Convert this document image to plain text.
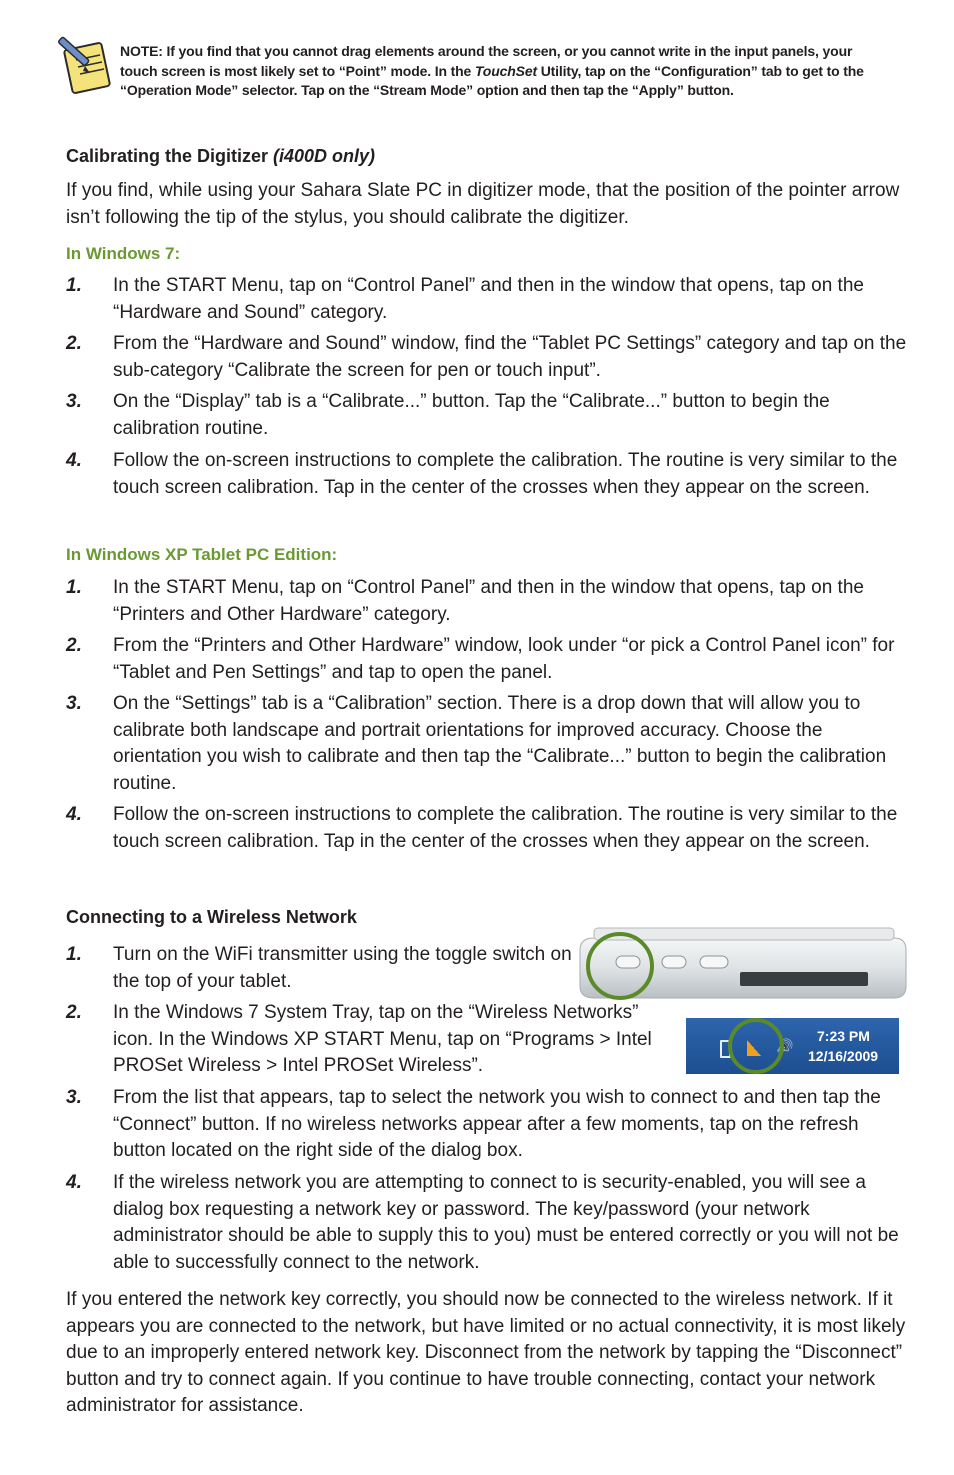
NOTE: If you find that you cannot drag elements around the screen, or you cannot write in the input panels, your touch screen is most likely set to “Point” mode. In the TouchSet Utility, tap on the “Configuration” tab to get to the “Operation Mode” selector. Tap on the “Stream Mode” option and then tap the “Apply” button.
Calibrating the Digitizer (i400D only)
If you find, while using your Sahara Slate PC in digitizer mode, that the position of the pointer arrow isn’t following the tip of the stylus, you should calibrate the digitizer.
In Windows 7:
1. In the START Menu, tap on “Control Panel” and then in the window that opens, tap on the “Hardware and Sound” category.
2. From the “Hardware and Sound” window, find the “Tablet PC Settings” category and tap on the sub-category “Calibrate the screen for pen or touch input”.
3. On the “Display” tab is a “Calibrate...” button. Tap the “Calibrate...” button to begin the calibration routine.
4. Follow the on-screen instructions to complete the calibration. The routine is very similar to the touch screen calibration. Tap in the center of the crosses when they appear on the screen.
In Windows XP Tablet PC Edition:
1. In the START Menu, tap on “Control Panel” and then in the window that opens, tap on the “Printers and Other Hardware” category.
2. From the “Printers and Other Hardware” window, look under “or pick a Control Panel icon” for “Tablet and Pen Settings” and tap to open the panel.
3. On the “Settings” tab is a “Calibration” section. There is a drop down that will allow you to calibrate both landscape and portrait orientations for improved accuracy. Choose the orientation you wish to calibrate and then tap the “Calibrate...” button to begin the calibration routine.
4. Follow the on-screen instructions to complete the calibration. The routine is very similar to the touch screen calibration. Tap in the center of the crosses when they appear on the screen.
Connecting to a Wireless Network
1. Turn on the WiFi transmitter using the toggle switch on the top of your tablet.
2. In the Windows 7 System Tray, tap on the “Wireless Networks” icon. In the Windows XP START Menu, tap on “Programs > Intel PROSet Wireless > Intel PROSet Wireless”.
3. From the list that appears, tap to select the network you wish to connect to and then tap the “Connect” button. If no wireless networks appear after a few moments, tap on the refresh button located on the right side of the dialog box.
4. If the wireless network you are attempting to connect to is security-enabled, you will see a dialog box requesting a network key or password. The key/password (your network administrator should be able to supply this to you) must be entered correctly or you will not be able to successfully connect to the network.
If you entered the network key correctly, you should now be connected to the wireless network. If it appears you are connected to the network, but have limited or no actual connectivity, it is most likely due to an improperly entered network key. Disconnect from the network by tapping the “Disconnect” button and try to connect again. If you continue to have trouble connecting, contact your network administrator for assistance.
🔊
7:23 PM
12/16/2009
